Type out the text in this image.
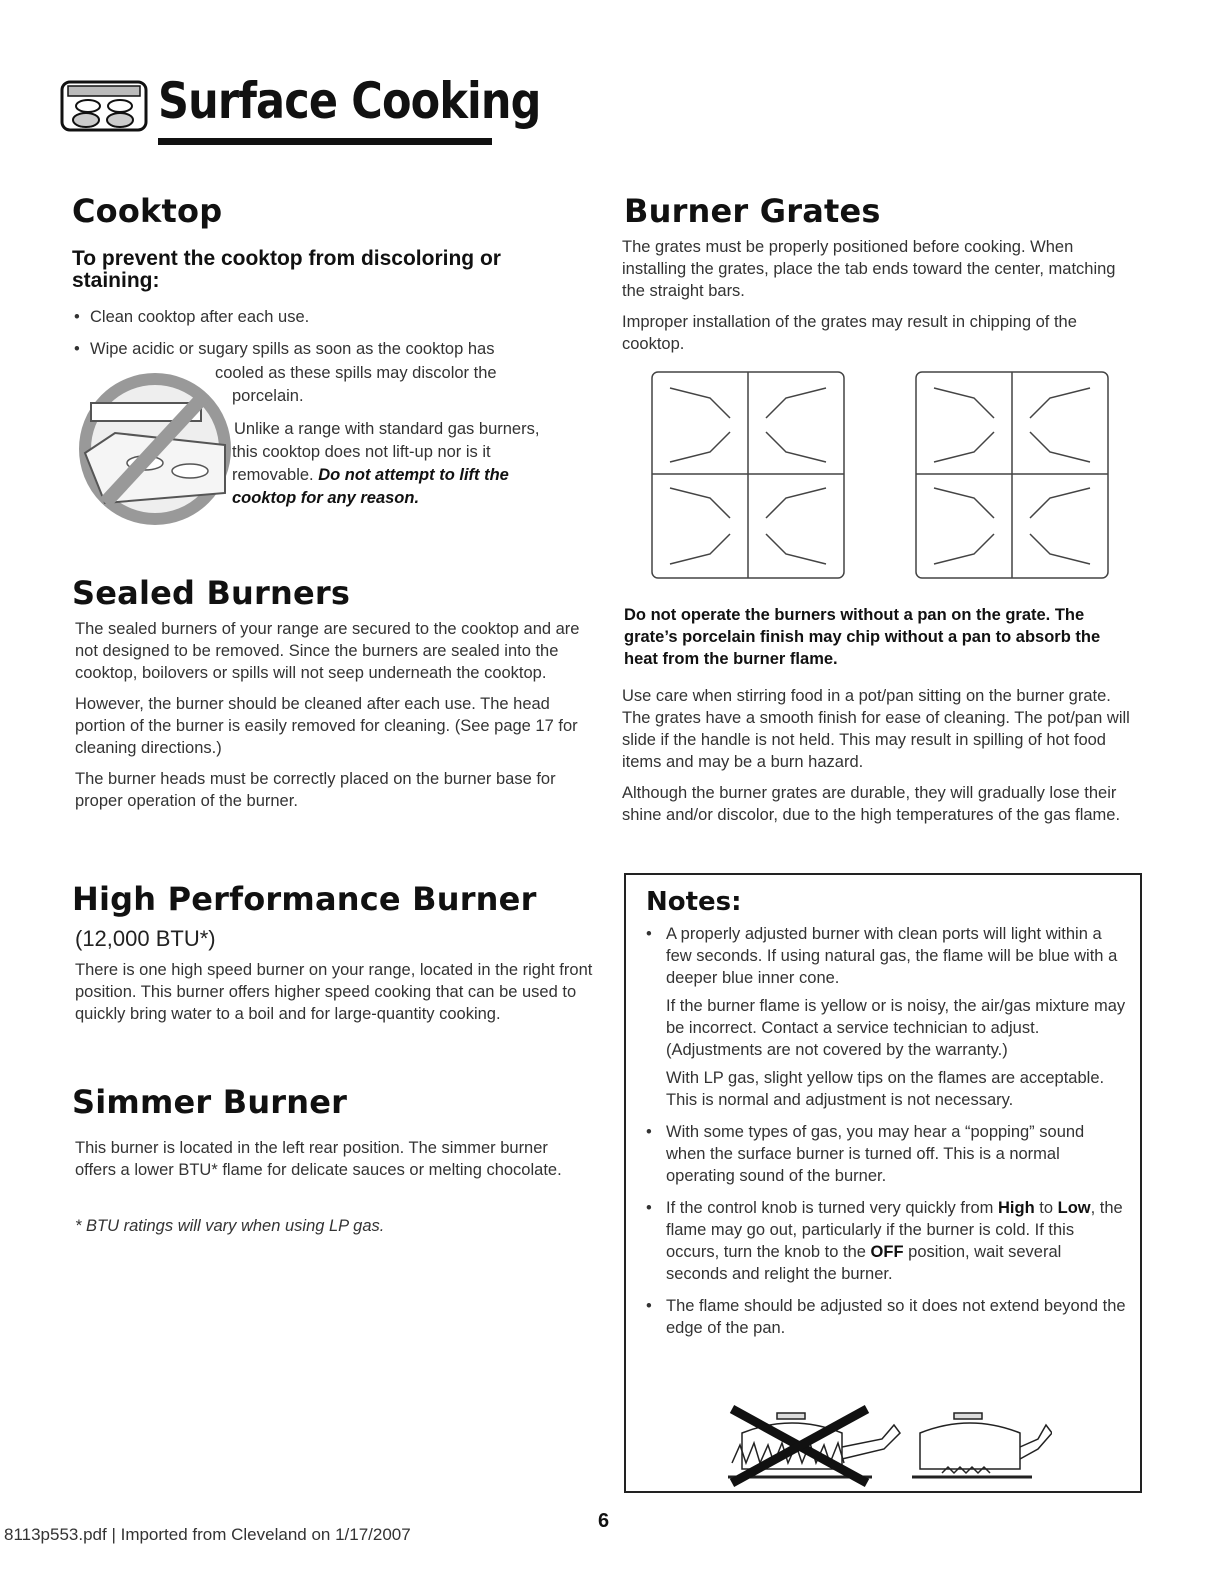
Surface Cooking
Cooktop
To prevent the cooktop from discoloring or staining:
• Clean cooktop after each use.
• Wipe acidic or sugary spills as soon as the cooktop has
cooled as these spills may discolor the
porcelain.
Unlike a range with standard gas burners,
this cooktop does not lift-up nor is it
removable. Do not attempt to lift the
cooktop for any reason.
Sealed Burners

The sealed burners of your range are secured to the cooktop and are not designed to be removed. Since the burners are sealed into the cooktop, boilovers or spills will not seep underneath the cooktop.

However, the burner should be cleaned after each use. The head portion of the burner is easily removed for cleaning. (See page 17 for cleaning directions.)

The burner heads must be correctly placed on the burner base for proper operation of the burner.

High Performance Burner
(12,000 BTU*)

There is one high speed burner on your range, located in the right front position. This burner offers higher speed cooking that can be used to quickly bring water to a boil and for large-quantity cooking.

Simmer Burner

This burner is located in the left rear position. The simmer burner offers a lower BTU* flame for delicate sauces or melting chocolate.

* BTU ratings will vary when using LP gas.
Burner Grates

The grates must be properly positioned before cooking. When installing the grates, place the tab ends toward the center, matching the straight bars.

Improper installation of the grates may result in chipping of the cooktop.

Do not operate the burners without a pan on the grate. The grate’s porcelain finish may chip without a pan to absorb the heat from the burner flame.

Use care when stirring food in a pot/pan sitting on the burner grate. The grates have a smooth finish for ease of cleaning. The pot/pan will slide if the handle is not held. This may result in spilling of hot food items and may be a burn hazard.

Although the burner grates are durable, they will gradually lose their shine and/or discolor, due to the high temperatures of the gas flame.

Notes:
• A properly adjusted burner with clean ports will light within a few seconds. If using natural gas, the flame will be blue with a deeper blue inner cone.

If the burner flame is yellow or is noisy, the air/gas mixture may be incorrect. Contact a service technician to adjust. (Adjustments are not covered by the warranty.)

With LP gas, slight yellow tips on the flames are acceptable. This is normal and adjustment is not necessary.

• With some types of gas, you may hear a “popping” sound when the surface burner is turned off. This is a normal operating sound of the burner.
• If the control knob is turned very quickly from High to Low, the flame may go out, particularly if the burner is cold. If this occurs, turn the knob to the OFF position, wait several seconds and relight the burner.
• The flame should be adjusted so it does not extend beyond the edge of the pan.
8113p553.pdf | Imported from Cleveland on 1/17/2007
6
